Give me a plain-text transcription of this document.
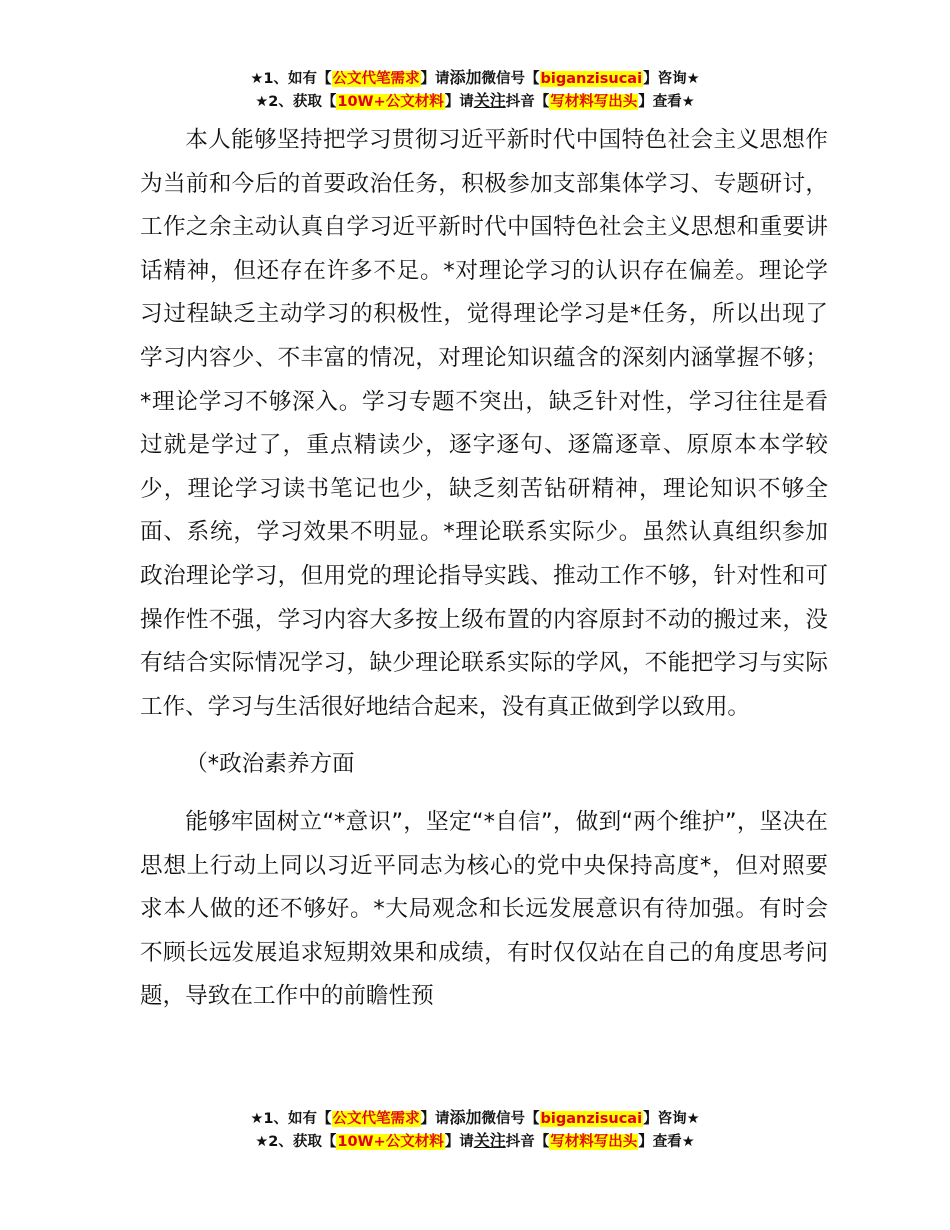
★1、如有【公文代笔需求】请添加微信号【biganzisucai】咨询★
★2、获取【10W+公文材料】请关注抖音【写材料写出头】查看★

本人能够坚持把学习贯彻习近平新时代中国特色社会主义思想作为当前和今后的首要政治任务，积极参加支部集体学习、专题研讨，工作之余主动认真自学习近平新时代中国特色社会主义思想和重要讲话精神，但还存在许多不足。*对理论学习的认识存在偏差。理论学习过程缺乏主动学习的积极性，觉得理论学习是*任务，所以出现了学习内容少、不丰富的情况，对理论知识蕴含的深刻内涵掌握不够；*理论学习不够深入。学习专题不突出，缺乏针对性，学习往往是看过就是学过了，重点精读少，逐字逐句、逐篇逐章、原原本本学较少，理论学习读书笔记也少，缺乏刻苦钻研精神，理论知识不够全面、系统，学习效果不明显。*理论联系实际少。虽然认真组织参加政治理论学习，但用党的理论指导实践、推动工作不够，针对性和可操作性不强，学习内容大多按上级布置的内容原封不动的搬过来，没有结合实际情况学习，缺少理论联系实际的学风，不能把学习与实际工作、学习与生活很好地结合起来，没有真正做到学以致用。

（*政治素养方面

能够牢固树立“*意识”，坚定“*自信”，做到“两个维护”，坚决在思想上行动上同以习近平同志为核心的党中央保持高度*，但对照要求本人做的还不够好。*大局观念和长远发展意识有待加强。有时会不顾长远发展追求短期效果和成绩，有时仅仅站在自己的角度思考问题，导致在工作中的前瞻性预

★1、如有【公文代笔需求】请添加微信号【biganzisucai】咨询★
★2、获取【10W+公文材料】请关注抖音【写材料写出头】查看★
